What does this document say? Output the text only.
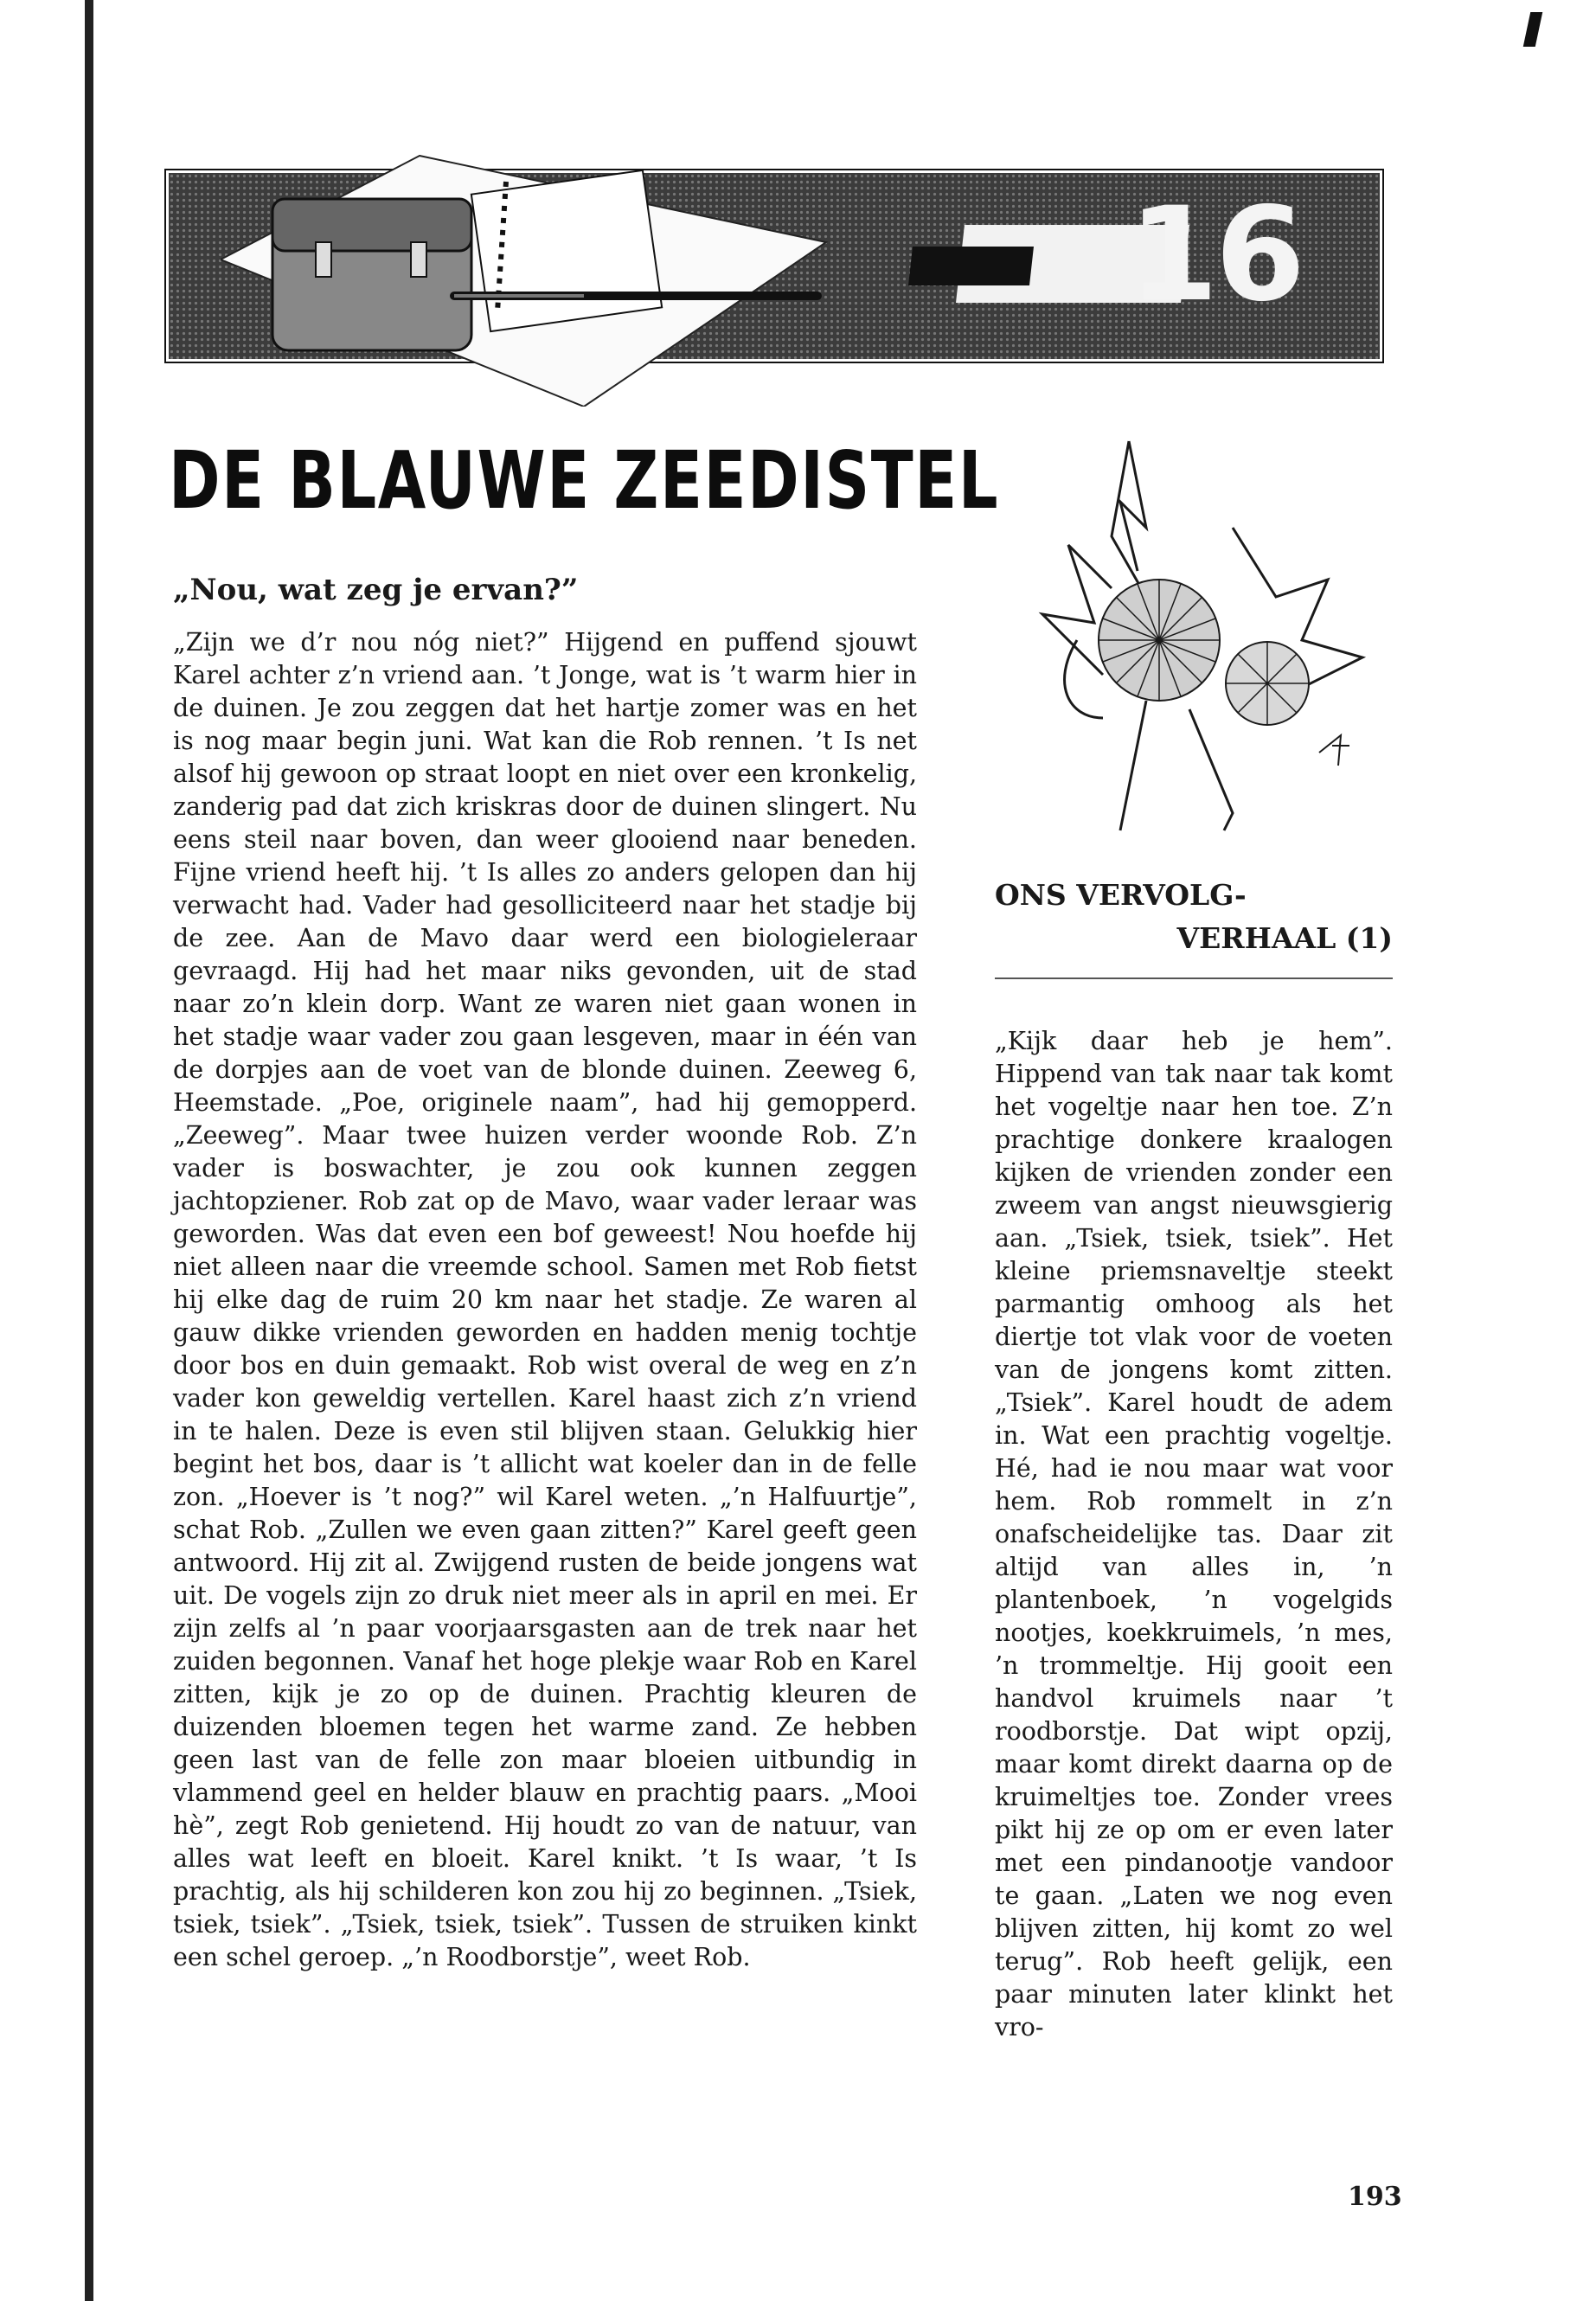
16
DE BLAUWE ZEEDISTEL

„Nou, wat zeg je ervan?”

„Zijn we d’r nou nóg niet?” Hijgend en puffend sjouwt Karel achter z’n vriend aan. ’t Jonge, wat is ’t warm hier in de duinen. Je zou zeggen dat het hartje zomer was en het is nog maar begin juni. Wat kan die Rob rennen. ’t Is net alsof hij gewoon op straat loopt en niet over een kronkelig, zanderig pad dat zich kriskras door de duinen slingert. Nu eens steil naar boven, dan weer glooiend naar beneden. Fijne vriend heeft hij. ’t Is alles zo anders gelopen dan hij verwacht had. Vader had gesolliciteerd naar het stadje bij de zee. Aan de Mavo daar werd een biologieleraar gevraagd. Hij had het maar niks gevonden, uit de stad naar zo’n klein dorp. Want ze waren niet gaan wonen in het stadje waar vader zou gaan lesgeven, maar in één van de dorpjes aan de voet van de blonde duinen. Zeeweg 6, Heemstade. „Poe, originele naam”, had hij gemopperd. „Zeeweg”. Maar twee huizen verder woonde Rob. Z’n vader is boswachter, je zou ook kunnen zeggen jachtopziener. Rob zat op de Mavo, waar vader leraar was geworden. Was dat even een bof geweest! Nou hoefde hij niet alleen naar die vreemde school. Samen met Rob fietst hij elke dag de ruim 20 km naar het stadje. Ze waren al gauw dikke vrienden geworden en hadden menig tochtje door bos en duin gemaakt. Rob wist overal de weg en z’n vader kon geweldig vertellen. Karel haast zich z’n vriend in te halen. Deze is even stil blijven staan. Gelukkig hier begint het bos, daar is ’t allicht wat koeler dan in de felle zon. „Hoever is ’t nog?” wil Karel weten. „’n Halfuurtje”, schat Rob. „Zullen we even gaan zitten?” Karel geeft geen antwoord. Hij zit al. Zwijgend rusten de beide jongens wat uit. De vogels zijn zo druk niet meer als in april en mei. Er zijn zelfs al ’n paar voorjaarsgasten aan de trek naar het zuiden begonnen. Vanaf het hoge plekje waar Rob en Karel zitten, kijk je zo op de duinen. Prachtig kleuren de duizenden bloemen tegen het warme zand. Ze hebben geen last van de felle zon maar bloeien uitbundig in vlammend geel en helder blauw en prachtig paars. „Mooi hè”, zegt Rob genietend. Hij houdt zo van de natuur, van alles wat leeft en bloeit. Karel knikt. ’t Is waar, ’t Is prachtig, als hij schilderen kon zou hij zo beginnen. „Tsiek, tsiek, tsiek”. „Tsiek, tsiek, tsiek”. Tussen de struiken kinkt een schel geroep. „’n Roodborstje”, weet Rob.

ONS VERVOLG-
VERHAAL (1)

„Kijk daar heb je hem”. Hippend van tak naar tak komt het vogeltje naar hen toe. Z’n prachtige donkere kraalogen kijken de vrienden zonder een zweem van angst nieuwsgierig aan. „Tsiek, tsiek, tsiek”. Het kleine priemsnaveltje steekt parmantig omhoog als het diertje tot vlak voor de voeten van de jongens komt zitten. „Tsiek”. Karel houdt de adem in. Wat een prachtig vogeltje. Hé, had ie nou maar wat voor hem. Rob rommelt in z’n onafscheidelijke tas. Daar zit altijd van alles in, ’n plantenboek, ’n vogelgids nootjes, koekkruimels, ’n mes, ’n trommeltje. Hij gooit een handvol kruimels naar ’t roodborstje. Dat wipt opzij, maar komt direkt daarna op de kruimeltjes toe. Zonder vrees pikt hij ze op om er even later met een pindanootje vandoor te gaan. „Laten we nog even blijven zitten, hij komt zo wel terug”. Rob heeft gelijk, een paar minuten later klinkt het vro-

193
